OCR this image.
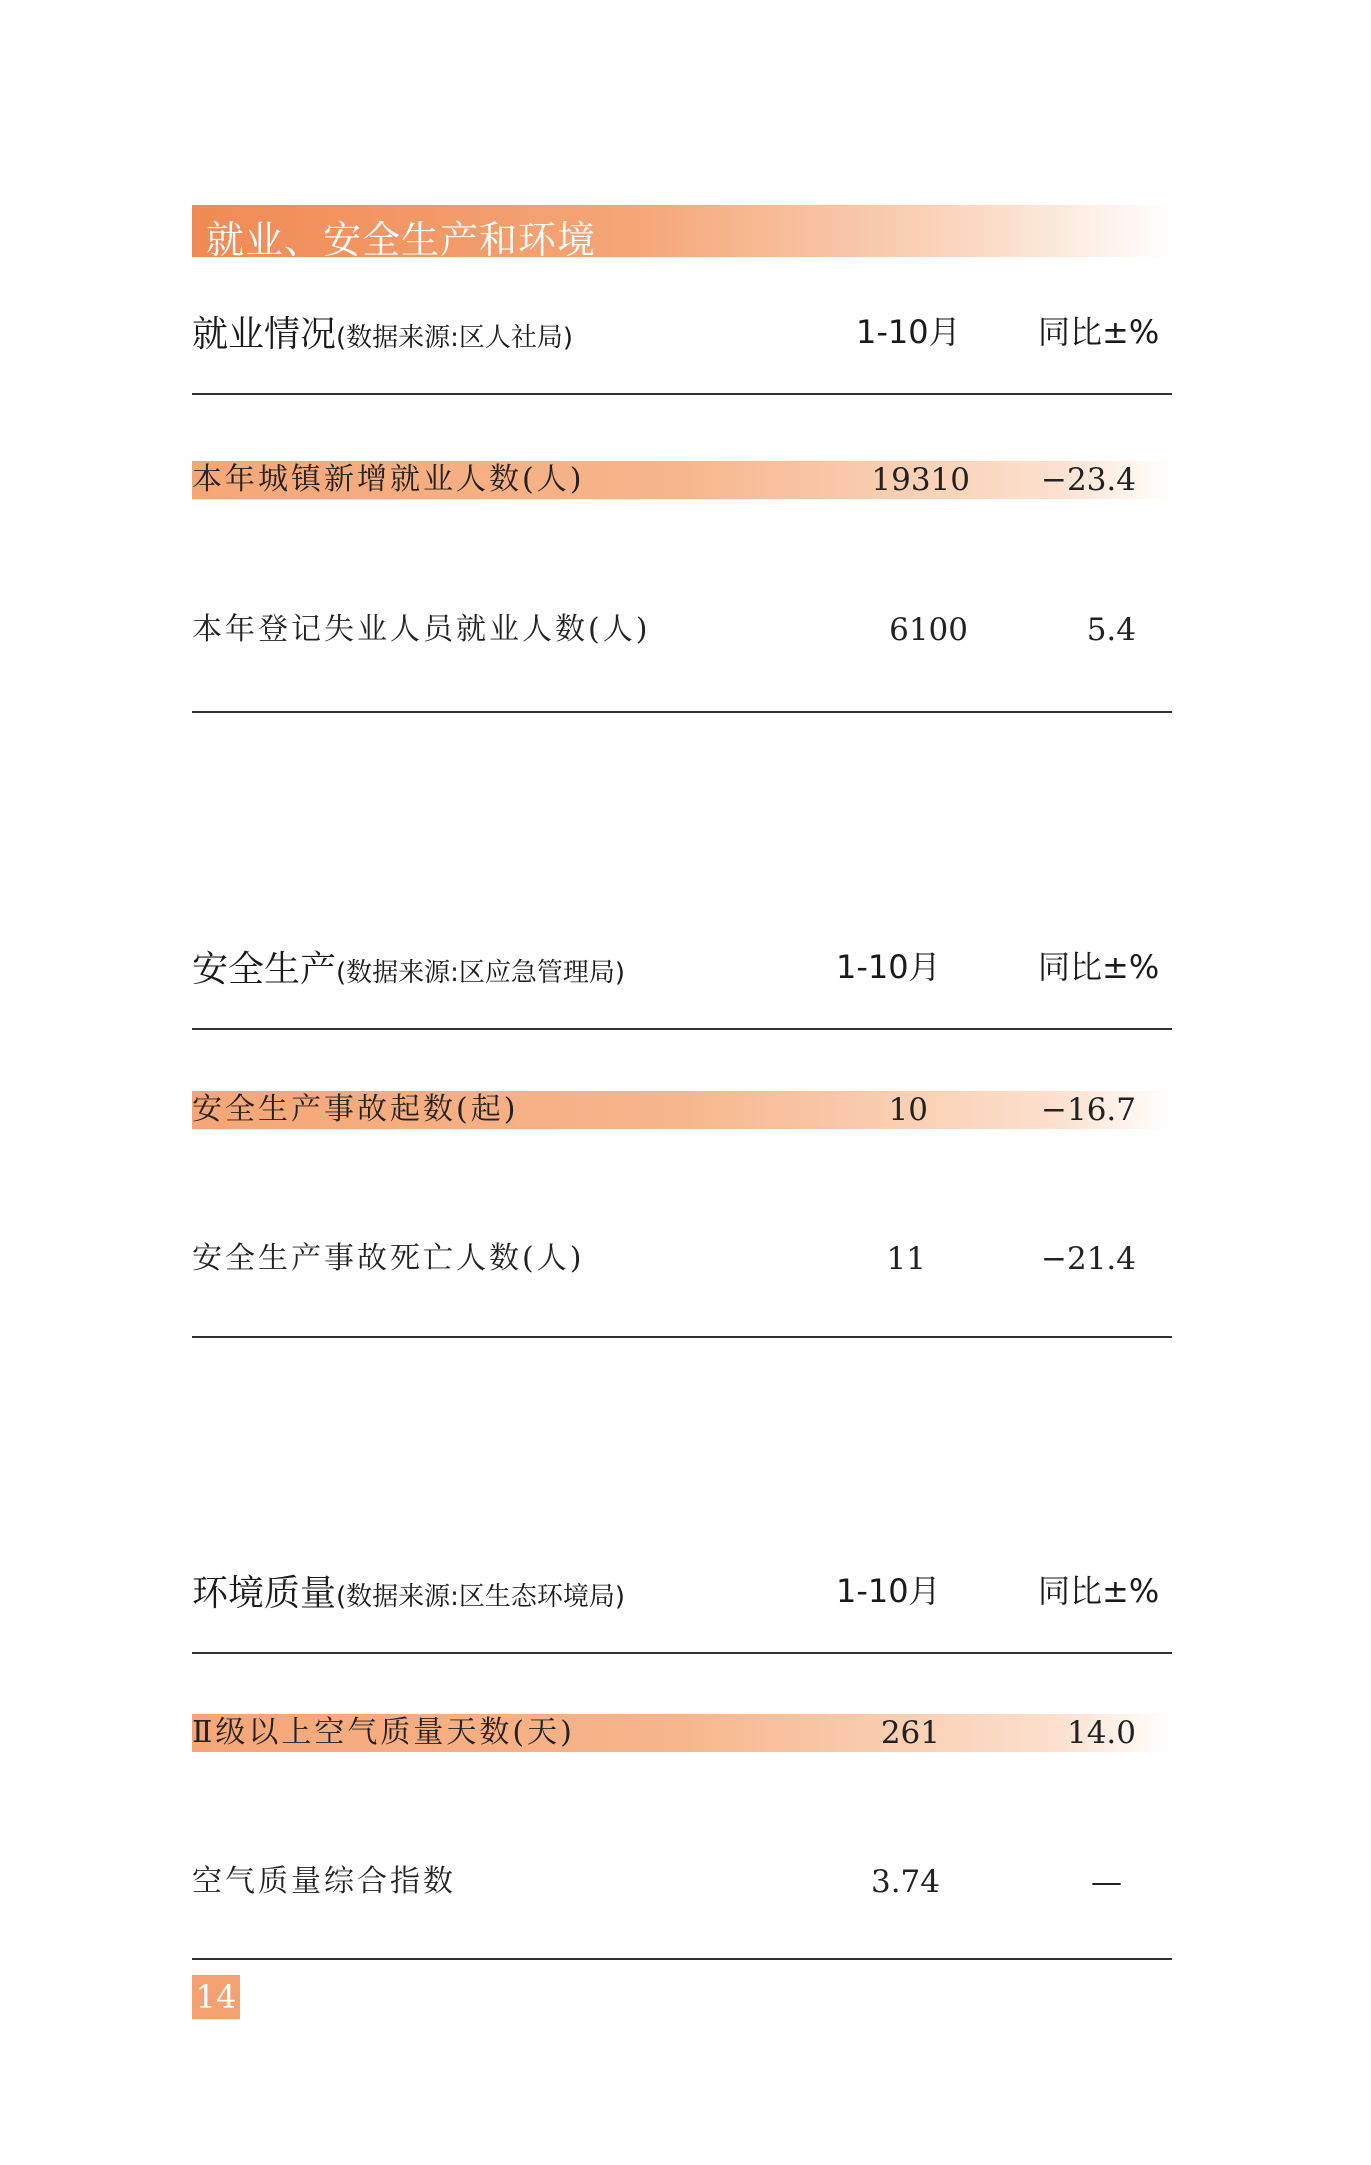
就业、安全生产和环境
就业情况(数据来源:区人社局)	1-10月 同比±%
本年城镇新增就业人数(人)	19310 −23.4
本年登记失业人员就业人数(人)	6100	5.4
安全生产(数据来源:区应急管理局)	1-10月	同比±%
安全生产事故起数(起)	10	−16.7
安全生产事故死亡人数(人)	11	−21.4
环境质量(数据来源:区生态环境局)	1-10月	同比±%
Ⅱ级以上空气质量天数(天)	261	14.0
空气质量综合指数	3.74	—
14
